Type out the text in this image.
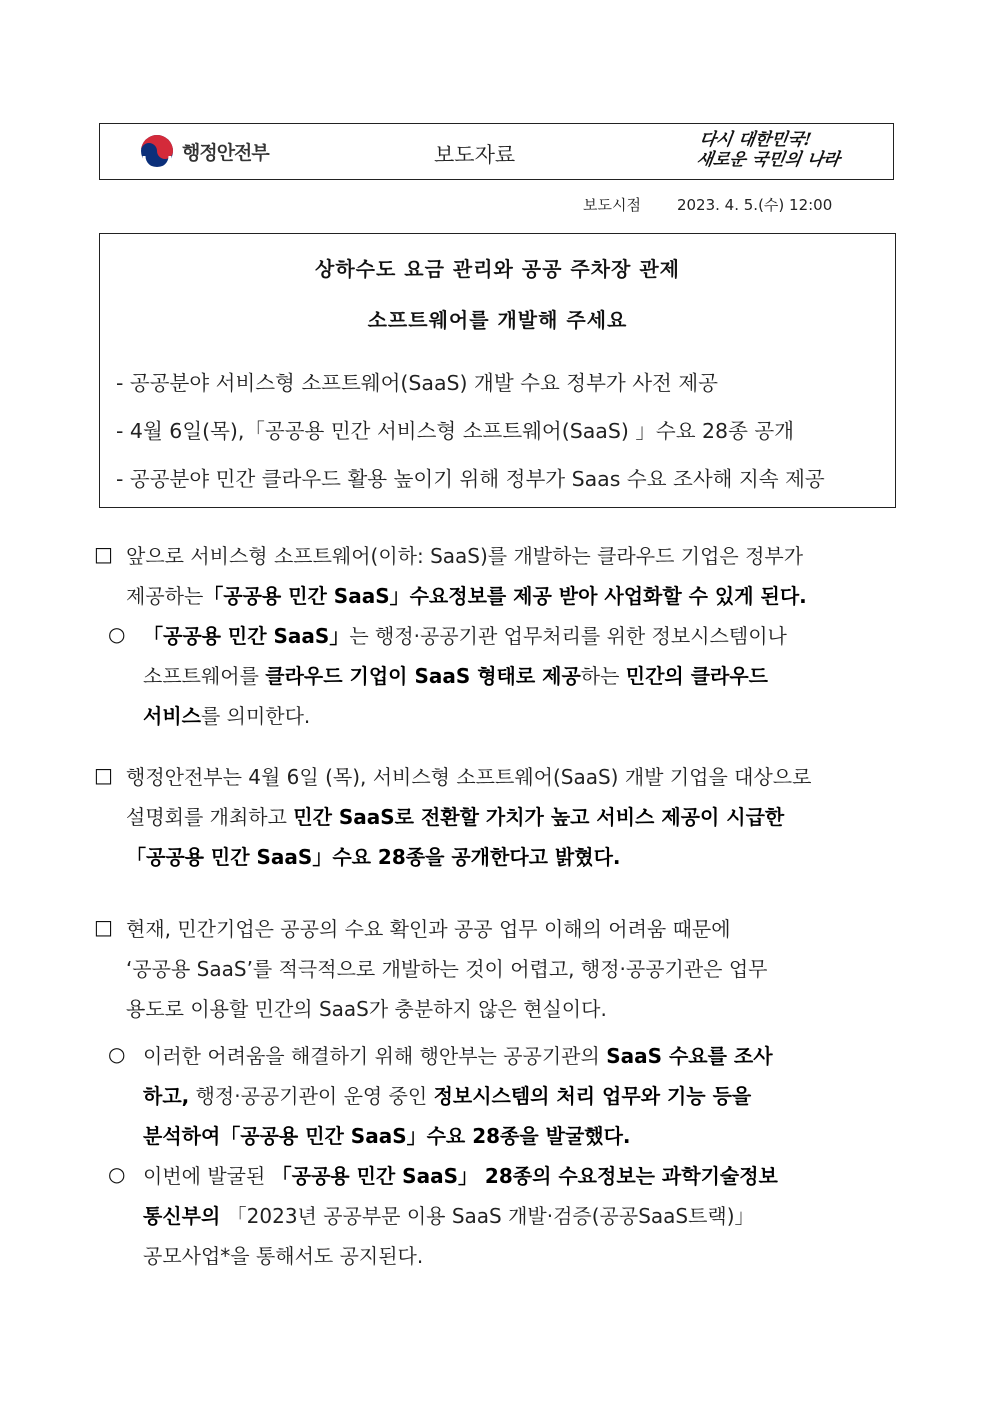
행정안전부	보도자료
다시 대한민국!
새로운 국민의 나라
보도시점 2023. 4. 5.(수) 12:00
상하수도 요금 관리와 공공 주차장 관제
소프트웨어를 개발해 주세요
- 공공분야 서비스형 소프트웨어(SaaS) 개발 수요 정부가 사전 제공
- 4월 6일(목),「공공용 민간 서비스형 소프트웨어(SaaS) 」수요 28종 공개
- 공공분야 민간 클라우드 활용 높이기 위해 정부가 Saas 수요 조사해 지속 제공
□ 앞으로 서비스형 소프트웨어(이하: SaaS)를 개발하는 클라우드 기업은 정부가
제공하는「공공용 민간 SaaS」수요정보를 제공 받아 사업화할 수 있게 된다.
○ 「공공용 민간 SaaS」는 행정·공공기관 업무처리를 위한 정보시스템이나
소프트웨어를 클라우드 기업이 SaaS 형태로 제공하는 민간의 클라우드
서비스를 의미한다.
□ 행정안전부는 4월 6일 (목), 서비스형 소프트웨어(SaaS) 개발 기업을 대상으로
설명회를 개최하고 민간 SaaS로 전환할 가치가 높고 서비스 제공이 시급한
「공공용 민간 SaaS」수요 28종을 공개한다고 밝혔다.
□ 현재, 민간기업은 공공의 수요 확인과 공공 업무 이해의 어려움 때문에
‘공공용 SaaS’를 적극적으로 개발하는 것이 어렵고, 행정·공공기관은 업무
용도로 이용할 민간의 SaaS가 충분하지 않은 현실이다.
○ 이러한 어려움을 해결하기 위해 행안부는 공공기관의 SaaS 수요를 조사
하고, 행정·공공기관이 운영 중인 정보시스템의 처리 업무와 기능 등을
분석하여「공공용 민간 SaaS」수요 28종을 발굴했다.
○ 이번에 발굴된 「공공용 민간 SaaS」 28종의 수요정보는 과학기술정보
통신부의 「2023년 공공부문 이용 SaaS 개발·검증(공공SaaS트랙)」
공모사업*을 통해서도 공지된다.
